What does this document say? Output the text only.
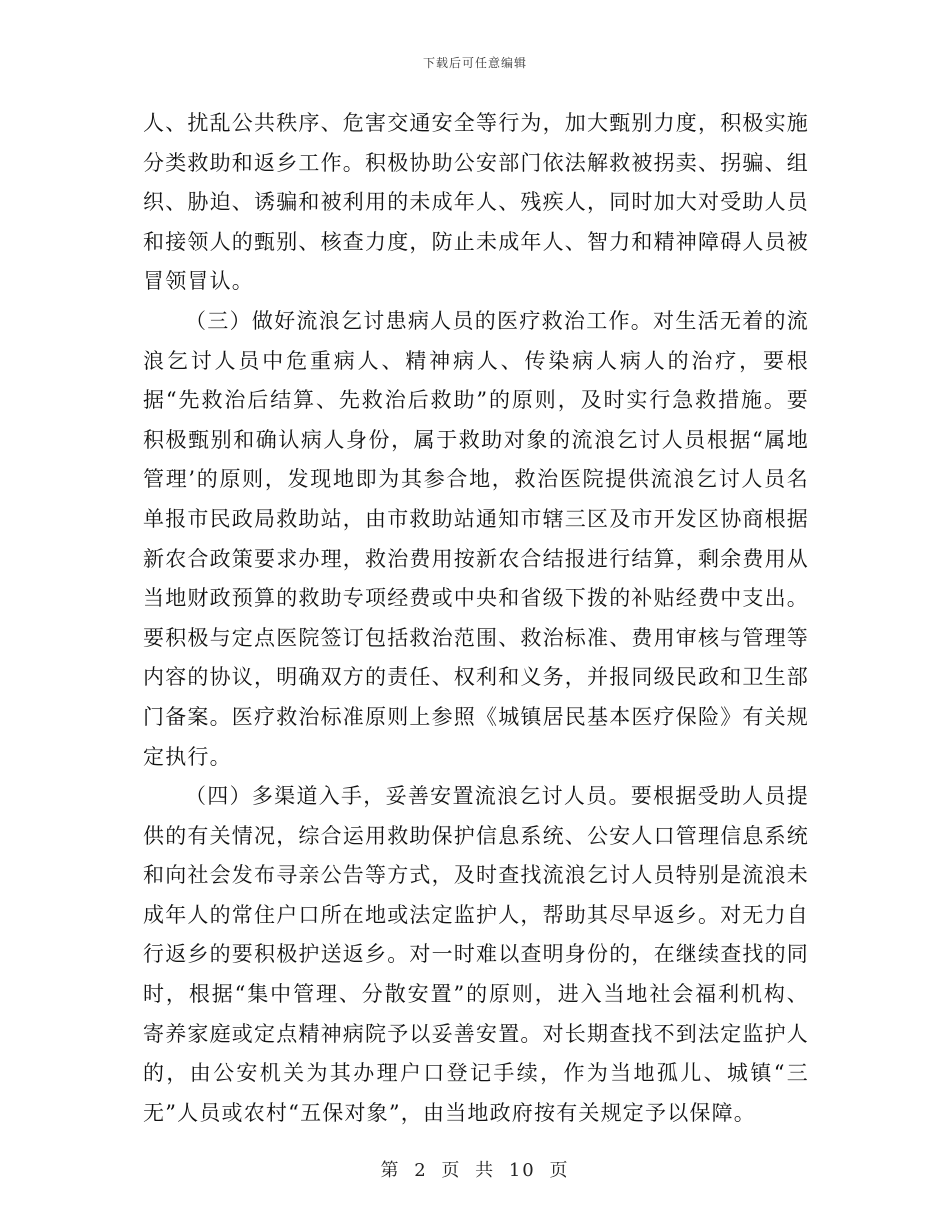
下载后可任意编辑

人、扰乱公共秩序、危害交通安全等行为，加大甄别力度，积极实施分类救助和返乡工作。积极协助公安部门依法解救被拐卖、拐骗、组织、胁迫、诱骗和被利用的未成年人、残疾人，同时加大对受助人员和接领人的甄别、核查力度，防止未成年人、智力和精神障碍人员被冒领冒认。

（三）做好流浪乞讨患病人员的医疗救治工作。对生活无着的流浪乞讨人员中危重病人、精神病人、传染病人病人的治疗，要根据“先救治后结算、先救治后救助”的原则，及时实行急救措施。要积极甄别和确认病人身份，属于救助对象的流浪乞讨人员根据“属地管理’的原则，发现地即为其参合地，救治医院提供流浪乞讨人员名单报市民政局救助站，由市救助站通知市辖三区及市开发区协商根据新农合政策要求办理，救治费用按新农合结报进行结算，剩余费用从当地财政预算的救助专项经费或中央和省级下拨的补贴经费中支出。要积极与定点医院签订包括救治范围、救治标准、费用审核与管理等内容的协议，明确双方的责任、权利和义务，并报同级民政和卫生部门备案。医疗救治标准原则上参照《城镇居民基本医疗保险》有关规定执行。

（四）多渠道入手，妥善安置流浪乞讨人员。要根据受助人员提供的有关情况，综合运用救助保护信息系统、公安人口管理信息系统和向社会发布寻亲公告等方式，及时查找流浪乞讨人员特别是流浪未成年人的常住户口所在地或法定监护人，帮助其尽早返乡。对无力自行返乡的要积极护送返乡。对一时难以查明身份的，在继续查找的同时，根据“集中管理、分散安置”的原则，进入当地社会福利机构、寄养家庭或定点精神病院予以妥善安置。对长期查找不到法定监护人的，由公安机关为其办理户口登记手续，作为当地孤儿、城镇“三无”人员或农村“五保对象”，由当地政府按有关规定予以保障。

第 2 页 共 10 页
